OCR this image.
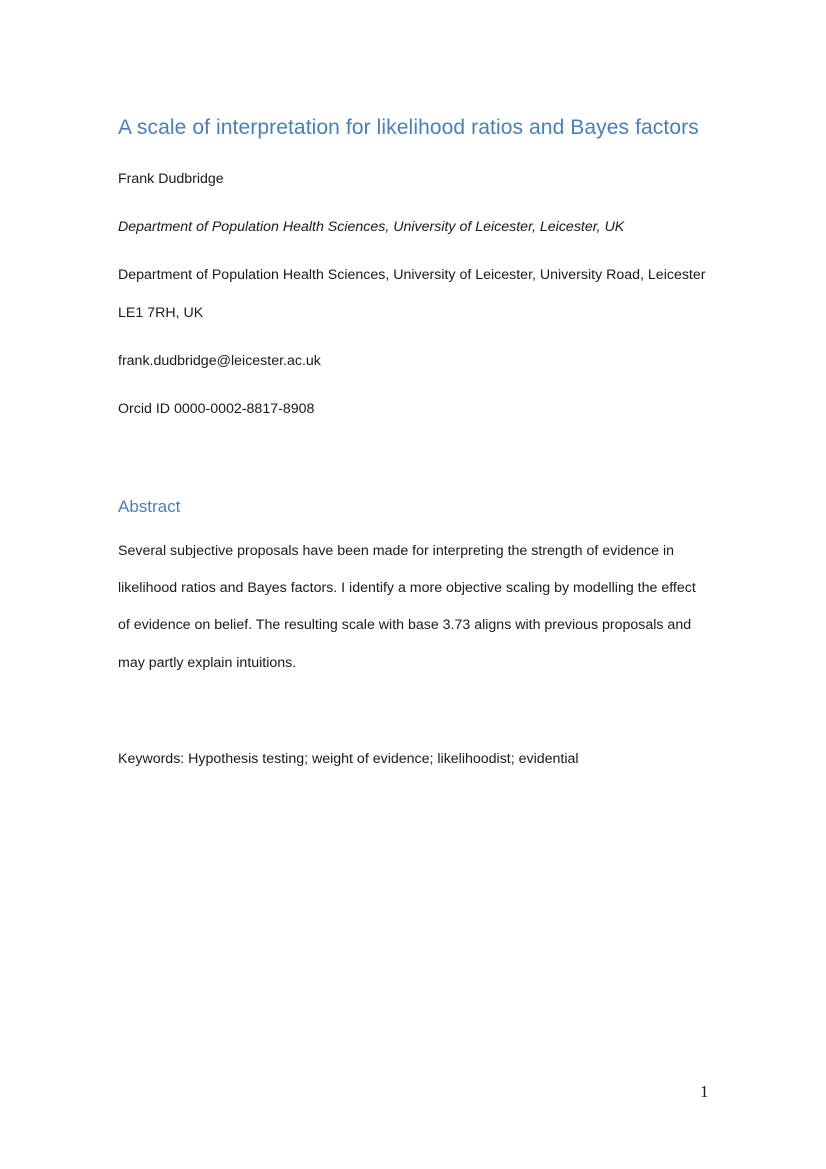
A scale of interpretation for likelihood ratios and Bayes factors
Frank Dudbridge
Department of Population Health Sciences, University of Leicester, Leicester, UK
Department of Population Health Sciences, University of Leicester, University Road, Leicester
LE1 7RH, UK
frank.dudbridge@leicester.ac.uk
Orcid ID 0000-0002-8817-8908
Abstract
Several subjective proposals have been made for interpreting the strength of evidence in
likelihood ratios and Bayes factors. I identify a more objective scaling by modelling the effect
of evidence on belief. The resulting scale with base 3.73 aligns with previous proposals and
may partly explain intuitions.
Keywords: Hypothesis testing; weight of evidence; likelihoodist; evidential
1
